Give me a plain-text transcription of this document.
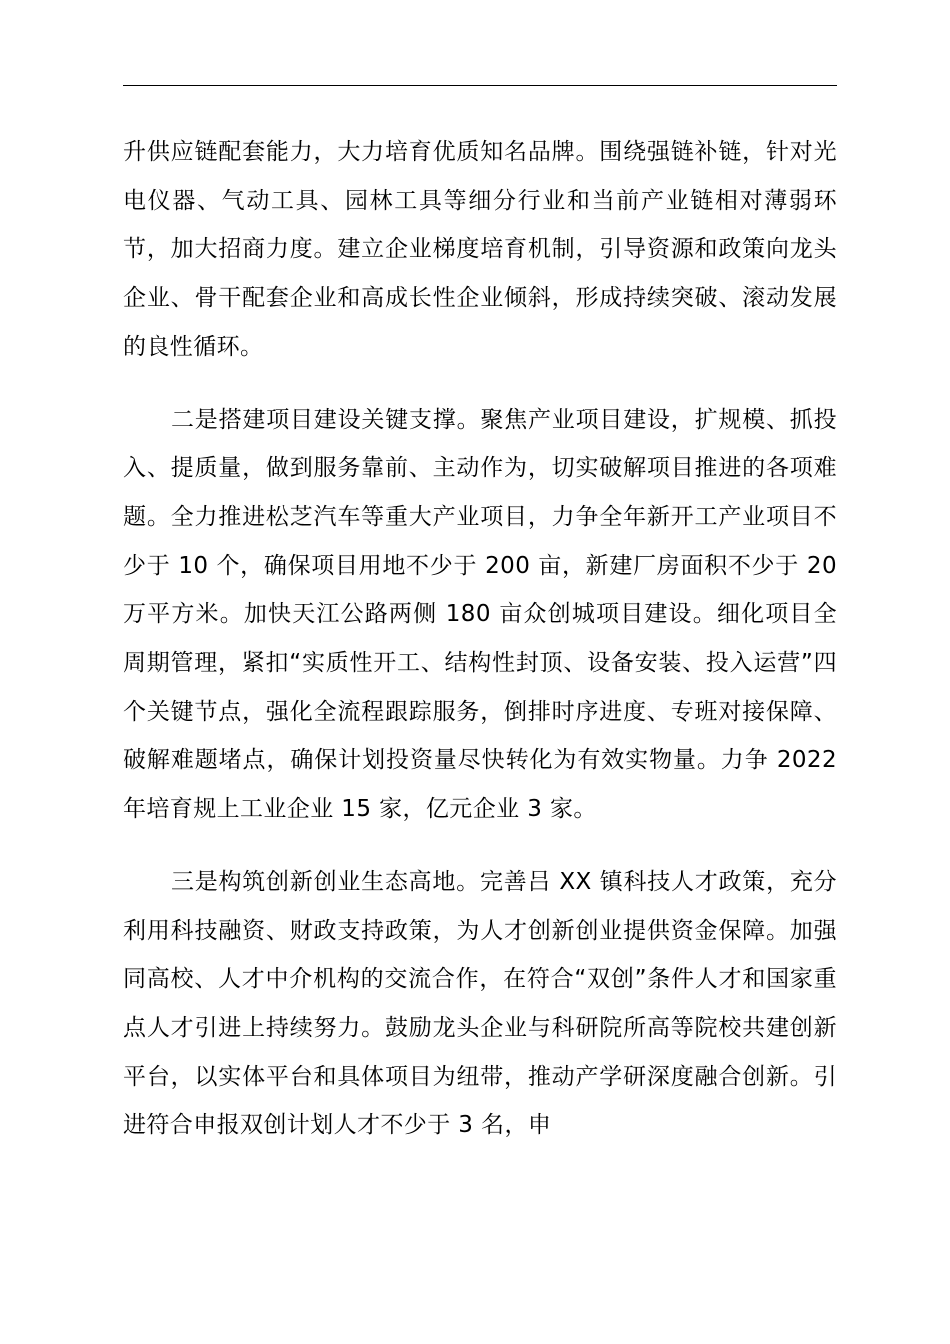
升供应链配套能力，大力培育优质知名品牌。围绕强链补链，针对光电仪器、气动工具、园林工具等细分行业和当前产业链相对薄弱环节，加大招商力度。建立企业梯度培育机制，引导资源和政策向龙头企业、骨干配套企业和高成长性企业倾斜，形成持续突破、滚动发展的良性循环。

二是搭建项目建设关键支撑。聚焦产业项目建设，扩规模、抓投入、提质量，做到服务靠前、主动作为，切实破解项目推进的各项难题。全力推进松芝汽车等重大产业项目，力争全年新开工产业项目不少于 10 个，确保项目用地不少于 200 亩，新建厂房面积不少于 20 万平方米。加快天江公路两侧 180 亩众创城项目建设。细化项目全周期管理，紧扣“实质性开工、结构性封顶、设备安装、投入运营”四个关键节点，强化全流程跟踪服务，倒排时序进度、专班对接保障、破解难题堵点，确保计划投资量尽快转化为有效实物量。力争 2022 年培育规上工业企业 15 家，亿元企业 3 家。

三是构筑创新创业生态高地。完善吕 XX 镇科技人才政策，充分利用科技融资、财政支持政策，为人才创新创业提供资金保障。加强同高校、人才中介机构的交流合作，在符合“双创”条件人才和国家重点人才引进上持续努力。鼓励龙头企业与科研院所高等院校共建创新平台，以实体平台和具体项目为纽带，推动产学研深度融合创新。引进符合申报双创计划人才不少于 3 名，申
